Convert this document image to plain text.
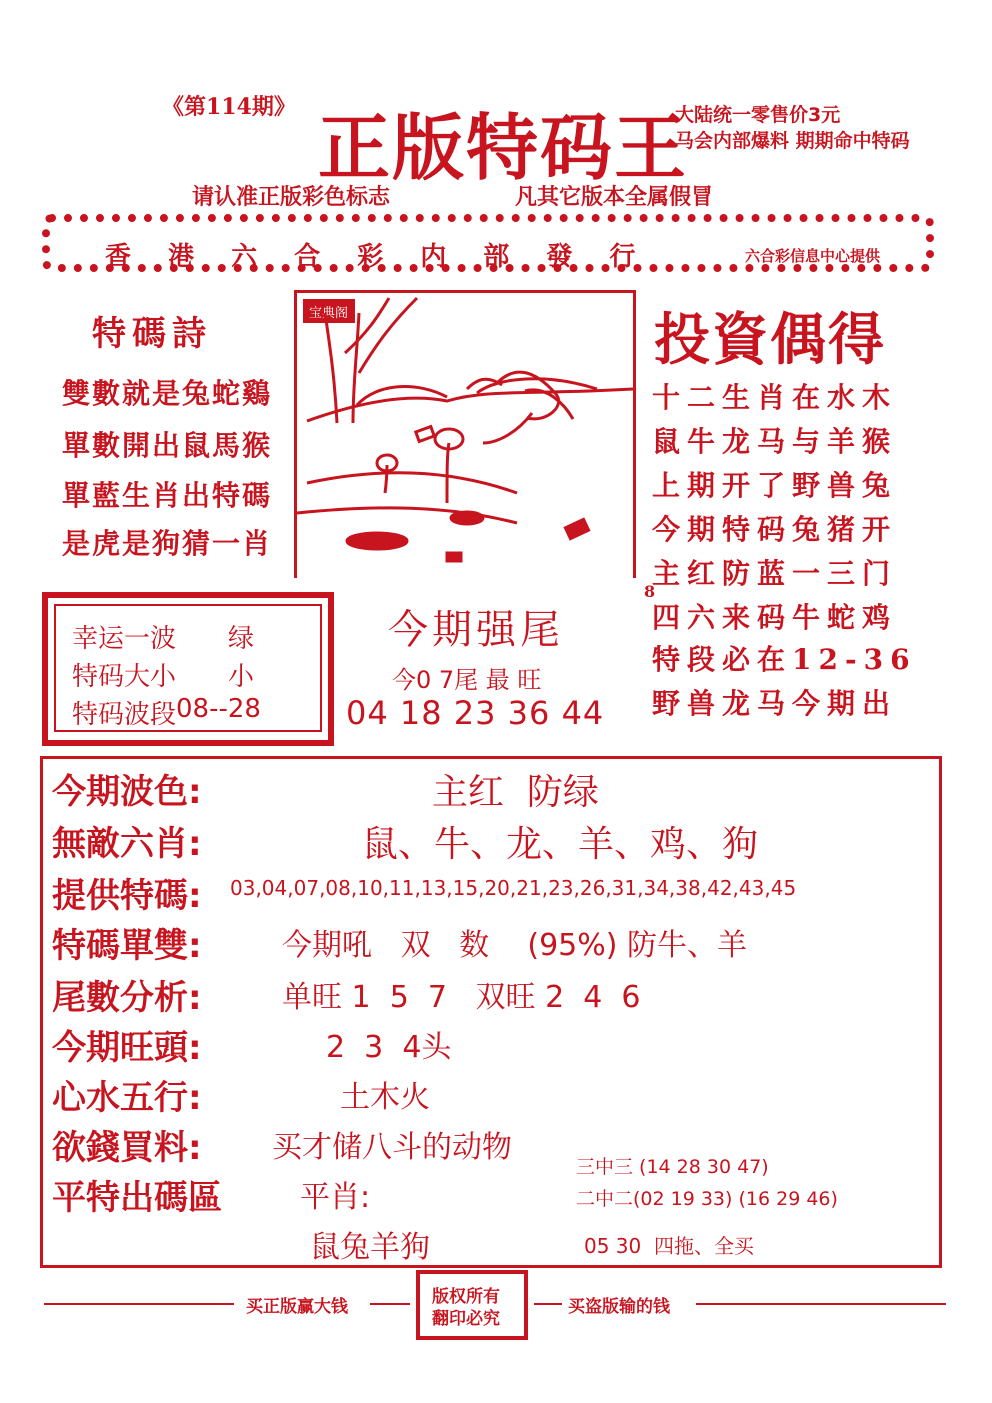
《第114期》 正版特码王
大陆统一零售价3元
马会内部爆料 期期命中特码
请认准正版彩色标志	凡其它版本全属假冒
香 港 六 合 彩 内 部 發 行	六合彩信息中心提供
特碼詩
雙數就是兔蛇鷄
單數開出鼠馬猴
單藍生肖出特碼
是虎是狗猜一肖
宝典阁	投資偶得
十二生肖在水木
鼠牛龙马与羊猴
上期开了野兽兔
今期特码兔猪开
主红防蓝一三门
8
四六来码牛蛇鸡
特段必在12-36
野兽龙马今期出
幸运一波 绿
特码大小 小
特码波段 08--28
今期强尾
今0 7尾 最 旺
04 18 23 36 44
今期波色:	主红  防绿
無敵六肖:	鼠、牛、龙、羊、鸡、狗
提供特碼: 03,04,07,08,10,11,13,15,20,21,23,26,31,34,38,42,43,45
特碼單雙:	今期吼   双   数    (95%) 防牛、羊
尾數分析:	单旺 1  5  7   双旺 2  4  6
今期旺頭:	2  3  4头
心水五行:	土木火
欲錢買料: 买才储八斗的动物
平特出碼區	平肖:
鼠兔羊狗
三中三 (14 28 30 47)
二中二(02 19 33) (16 29 46)
05 30  四拖、全买
买正版赢大钱	版权所有
翻印必究
买盗版输的钱
